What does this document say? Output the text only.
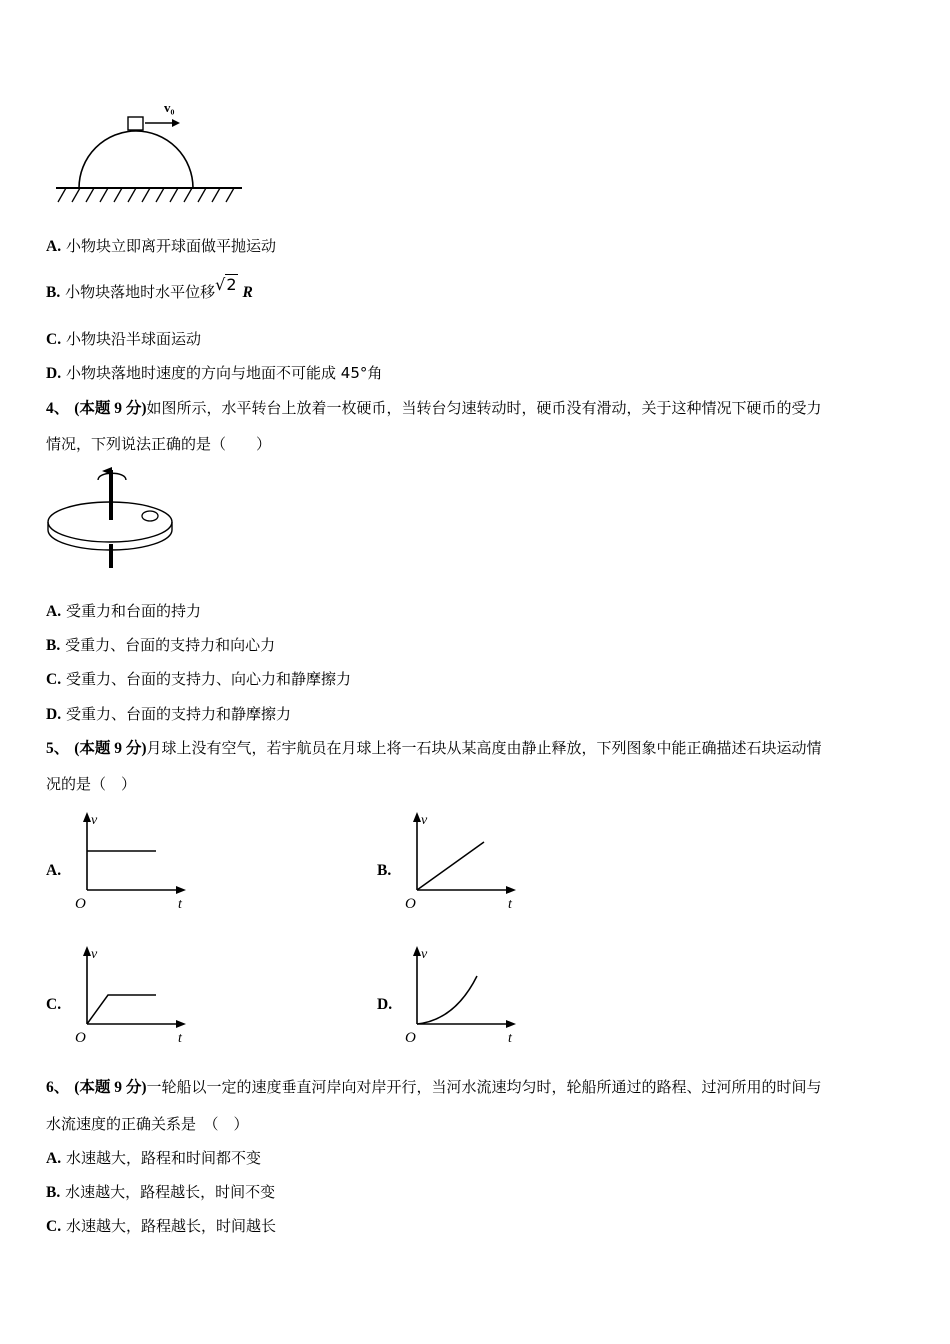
v₀
A. 小物块立即离开球面做平抛运动
B. 小物块落地时水平位移√2 R
C. 小物块沿半球面运动
D. 小物块落地时速度的方向与地面不可能成 45°角
4、 (本题 9 分)如图所示，水平转台上放着一枚硬币，当转台匀速转动时，硬币没有滑动，关于这种情况下硬币的受力
情况，下列说法正确的是（　　）
A. 受重力和台面的持力
B. 受重力、台面的支持力和向心力
C. 受重力、台面的支持力、向心力和静摩擦力
D. 受重力、台面的支持力和静摩擦力
5、 (本题 9 分)月球上没有空气，若宇航员在月球上将一石块从某高度由静止释放，下列图象中能正确描述石块运动情
况的是（　）
A.
v
O	t
B.
v
O	t
C.
v
O	t
D.
v
O	t
6、 (本题 9 分)一轮船以一定的速度垂直河岸向对岸开行，当河水流速均匀时，轮船所通过的路程、过河所用的时间与
水流速度的正确关系是　（　）
A. 水速越大，路程和时间都不变
B. 水速越大，路程越长，时间不变
C. 水速越大，路程越长，时间越长
